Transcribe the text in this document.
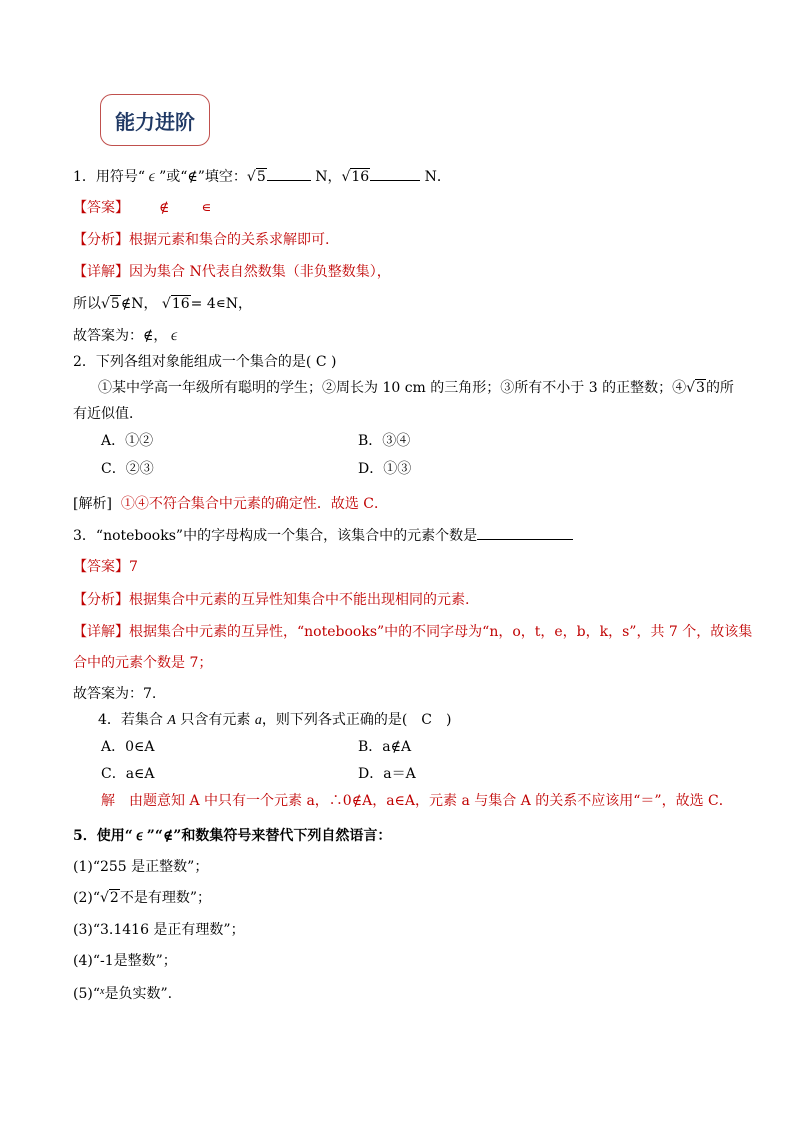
能力进阶
1．用符号“∊”或“∉”填空：√5	N，√16	N．
【答案】 ∉ ∊
【分析】根据元素和集合的关系求解即可.
【详解】因为集合 N代表自然数集（非负整数集），
所以√5∉N， √16= 4∊N，
故答案为：∉，∊
2．下列各组对象能组成一个集合的是( C )
①某中学高一年级所有聪明的学生；②周长为 10 cm 的三角形；③所有不小于 3 的正整数；④√3的所
有近似值．
A．①②	B．③④
C．②③	D．①③
[解析] ①④不符合集合中元素的确定性．故选 C．
3．“notebooks”中的字母构成一个集合，该集合中的元素个数是
【答案】7
【分析】根据集合中元素的互异性知集合中不能出现相同的元素.
【详解】根据集合中元素的互异性，“notebooks”中的不同字母为“n，o，t，e，b，k，s”，共 7 个，故该集
合中的元素个数是 7；
故答案为：7.
4．若集合 A 只含有元素 a，则下列各式正确的是(　C　)
A．0∈A	B．a∉A
C．a∈A	D．a＝A
解　由题意知 A 中只有一个元素 a，∴0∉A，a∈A，元素 a 与集合 A 的关系不应该用“＝”，故选 C．
5．使用“∊”“∉”和数集符号来替代下列自然语言：
(1)“255 是正整数”；
(2)“√2不是有理数”；
(3)“3.1416 是正有理数”；
(4)“-1是整数”；
(5)“$^x$是负实数”.
